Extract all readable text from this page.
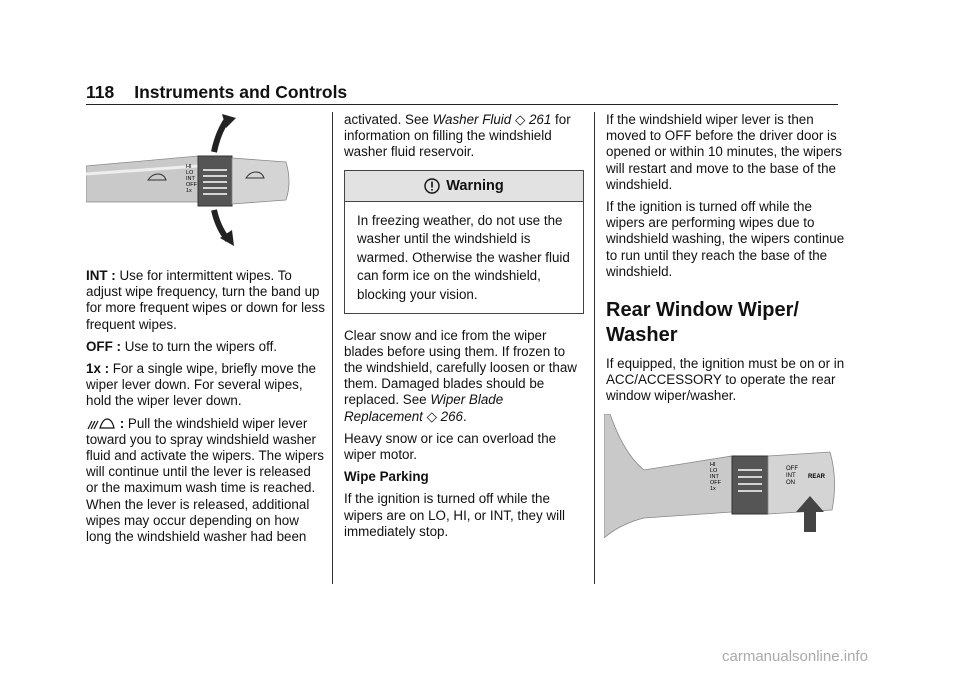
118 Instruments and Controls
HI
LO
INT
OFF
1x

INT : Use for intermittent wipes. To adjust wipe frequency, turn the band up for more frequent wipes or down for less frequent wipes.

OFF : Use to turn the wipers off.

1x : For a single wipe, briefly move the wiper lever down. For several wipes, hold the wiper lever down.

: Pull the windshield wiper lever toward you to spray windshield washer fluid and activate the wipers. The wipers will continue until the lever is released or the maximum wash time is reached. When the lever is released, additional wipes may occur depending on how long the windshield washer had been

activated. See Washer Fluid ◇ 261 for information on filling the windshield washer fluid reservoir.

Warning
In freezing weather, do not use the washer until the windshield is warmed. Otherwise the washer fluid can form ice on the windshield, blocking your vision.

Clear snow and ice from the wiper blades before using them. If frozen to the windshield, carefully loosen or thaw them. Damaged blades should be replaced. See Wiper Blade Replacement ◇ 266.

Heavy snow or ice can overload the wiper motor.

Wipe Parking

If the ignition is turned off while the wipers are on LO, HI, or INT, they will immediately stop.

If the windshield wiper lever is then moved to OFF before the driver door is opened or within 10 minutes, the wipers will restart and move to the base of the windshield.

If the ignition is turned off while the wipers are performing wipes due to windshield washing, the wipers continue to run until they reach the base of the windshield.

Rear Window Wiper/ Washer

If equipped, the ignition must be on or in ACC/ACCESSORY to operate the rear window wiper/washer.

HI
LO
INT
OFF
1x
OFF
INT
ON
REAR
carmanualsonline.info
